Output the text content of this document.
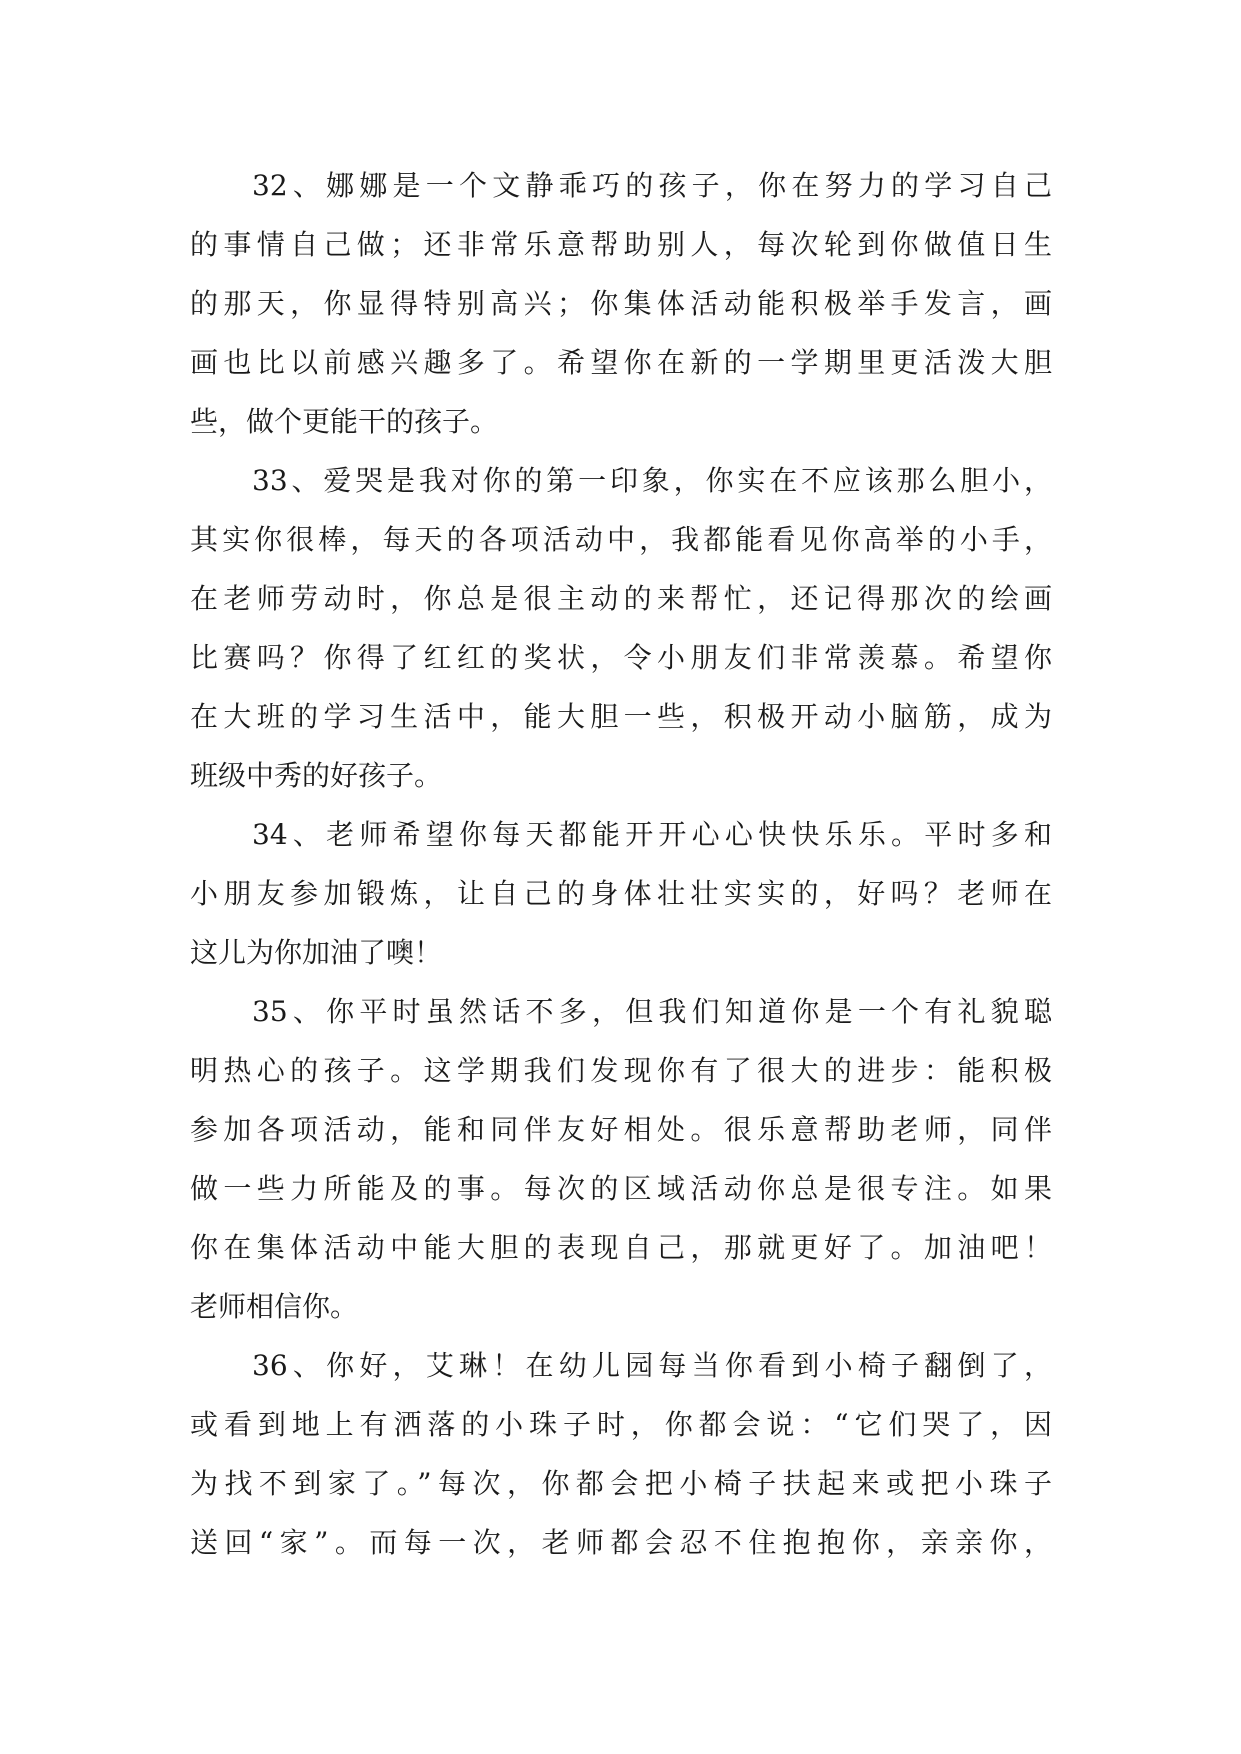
32、娜娜是一个文静乖巧的孩子，你在努力的学习自己
的事情自己做；还非常乐意帮助别人，每次轮到你做值日生
的那天，你显得特别高兴；你集体活动能积极举手发言，画
画也比以前感兴趣多了。希望你在新的一学期里更活泼大胆
些，做个更能干的孩子。
33、爱哭是我对你的第一印象，你实在不应该那么胆小，
其实你很棒，每天的各项活动中，我都能看见你高举的小手，
在老师劳动时，你总是很主动的来帮忙，还记得那次的绘画
比赛吗？你得了红红的奖状，令小朋友们非常羡慕。希望你
在大班的学习生活中，能大胆一些，积极开动小脑筋，成为
班级中秀的好孩子。
34、老师希望你每天都能开开心心快快乐乐。平时多和
小朋友参加锻炼，让自己的身体壮壮实实的，好吗？老师在
这儿为你加油了噢！
35、你平时虽然话不多，但我们知道你是一个有礼貌聪
明热心的孩子。这学期我们发现你有了很大的进步：能积极
参加各项活动，能和同伴友好相处。很乐意帮助老师，同伴
做一些力所能及的事。每次的区域活动你总是很专注。如果
你在集体活动中能大胆的表现自己，那就更好了。加油吧！
老师相信你。
36、你好，艾琳！在幼儿园每当你看到小椅子翻倒了，
或看到地上有洒落的小珠子时，你都会说：“它们哭了，因
为找不到家了。”每次，你都会把小椅子扶起来或把小珠子
送回“家”。而每一次，老师都会忍不住抱抱你，亲亲你，
